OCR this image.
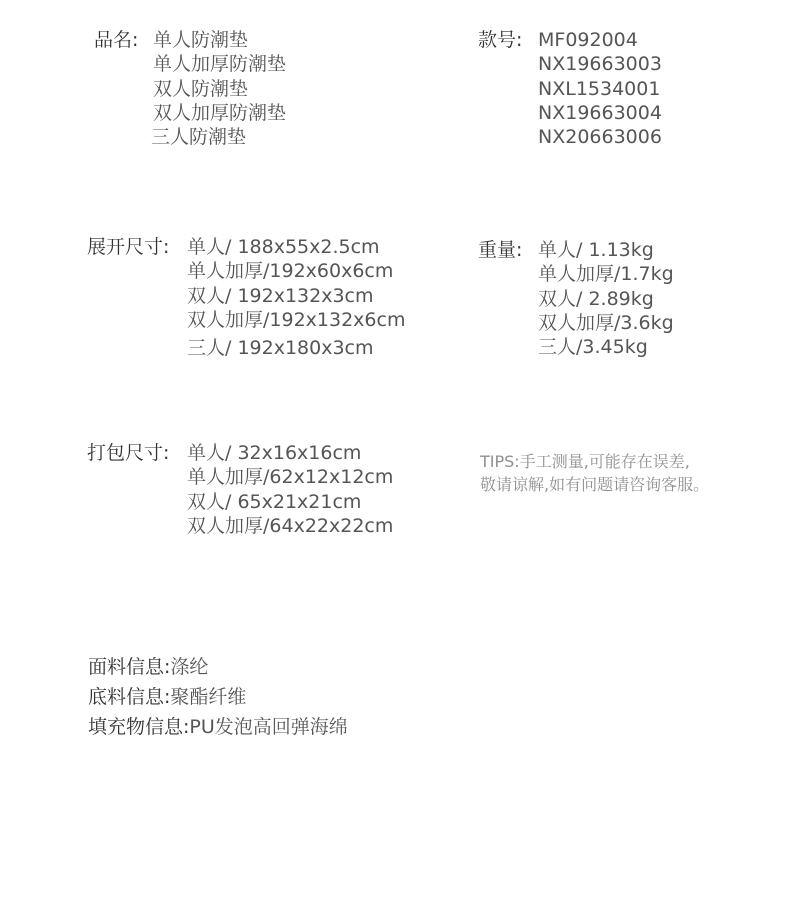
品名: 单人防潮垫
单人加厚防潮垫
双人防潮垫
双人加厚防潮垫
三人防潮垫
款号: MF092004
NX19663003
NXL1534001
NX19663004
NX20663006
展开尺寸: 单人/ 188x55x2.5cm
单人加厚/192x60x6cm
双人/ 192x132x3cm
双人加厚/192x132x6cm
三人/ 192x180x3cm
重量: 单人/ 1.13kg
单人加厚/1.7kg
双人/ 2.89kg
双人加厚/3.6kg
三人/3.45kg
打包尺寸: 单人/ 32x16x16cm
单人加厚/62x12x12cm
双人/ 65x21x21cm
双人加厚/64x22x22cm
TIPS:手工测量,可能存在误差,
敬请谅解,如有问题请咨询客服。
面料信息:涤纶
底料信息:聚酯纤维
填充物信息:PU发泡高回弹海绵
